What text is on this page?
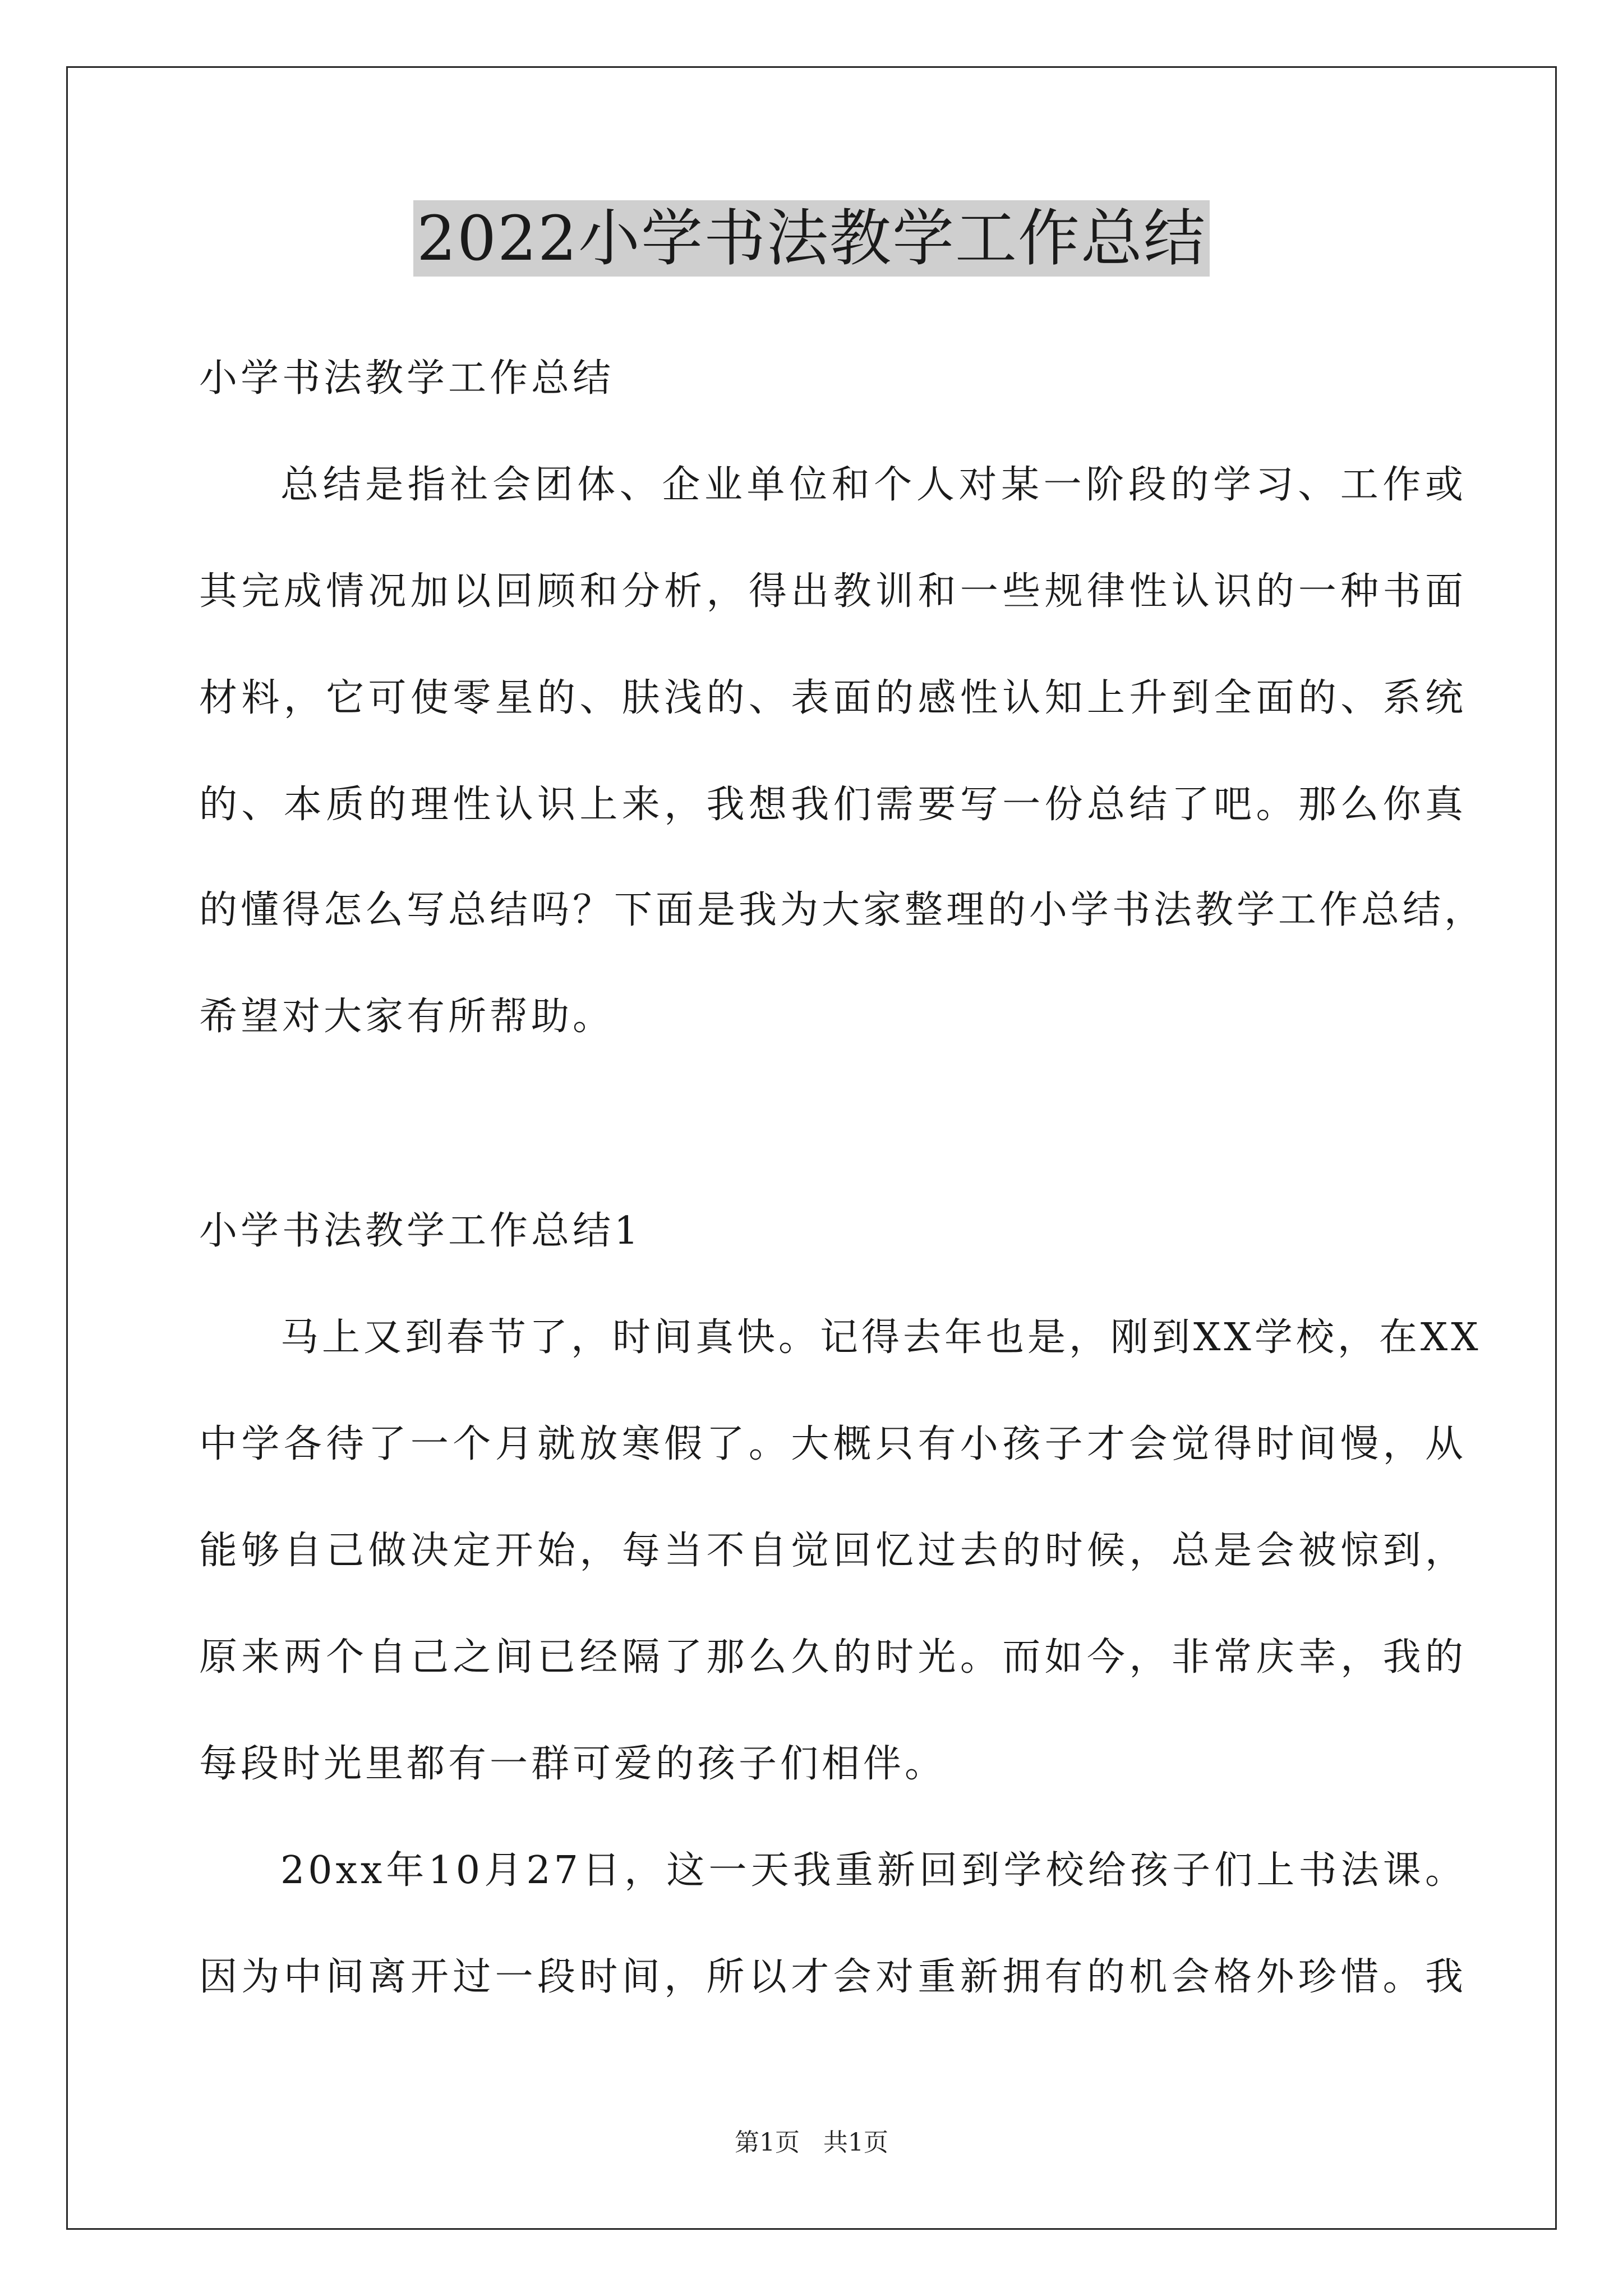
2022小学书法教学工作总结
小学书法教学工作总结
总结是指社会团体、企业单位和个人对某一阶段的学习、工作或
其完成情况加以回顾和分析，得出教训和一些规律性认识的一种书面
材料，它可使零星的、肤浅的、表面的感性认知上升到全面的、系统
的、本质的理性认识上来，我想我们需要写一份总结了吧。那么你真
的懂得怎么写总结吗？下面是我为大家整理的小学书法教学工作总结，
希望对大家有所帮助。
小学书法教学工作总结1
马上又到春节了，时间真快。记得去年也是，刚到XX学校，在XX
中学各待了一个月就放寒假了。大概只有小孩子才会觉得时间慢，从
能够自己做决定开始，每当不自觉回忆过去的时候，总是会被惊到，
原来两个自己之间已经隔了那么久的时光。而如今，非常庆幸，我的
每段时光里都有一群可爱的孩子们相伴。
20xx年10月27日，这一天我重新回到学校给孩子们上书法课。
因为中间离开过一段时间，所以才会对重新拥有的机会格外珍惜。我
第1页   共1页
